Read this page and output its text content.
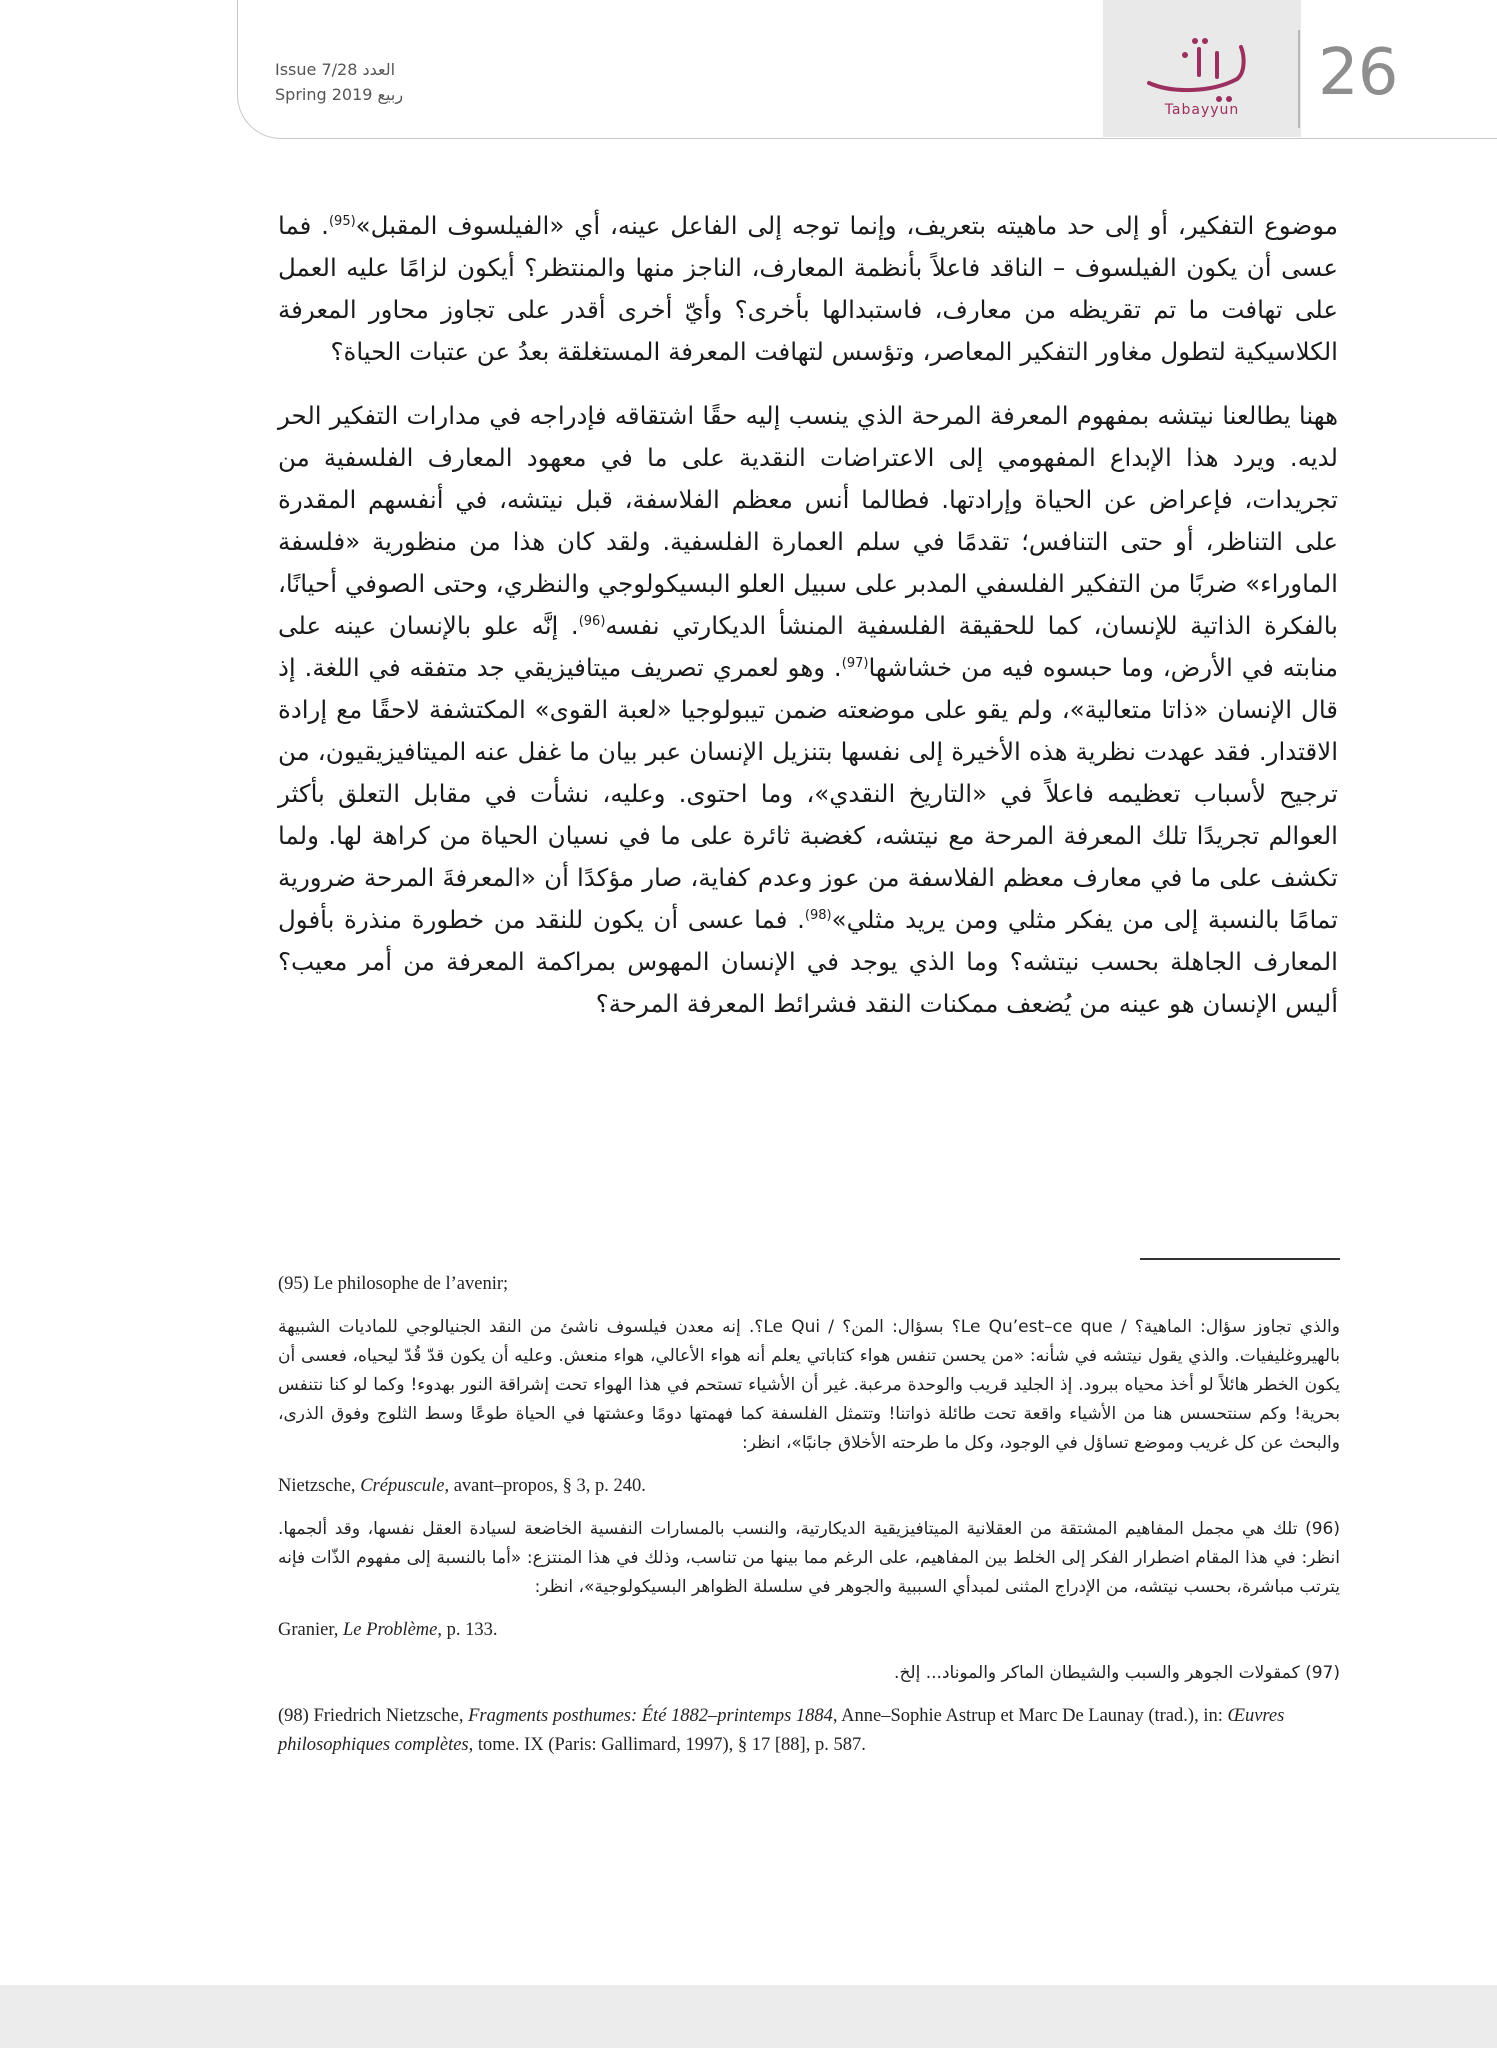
Issue 7/28 العدد
Spring 2019 ربيع
Tabayyun	26

موضوع التفكير، أو إلى حد ماهيته بتعريف، وإنما توجه إلى الفاعل عينه، أي «الفيلسوف المقبل»$^{(95)}$. فما عسى أن يكون الفيلسوف – الناقد فاعلاً بأنظمة المعارف، الناجز منها والمنتظر؟ أيكون لزامًا عليه العمل على تهافت ما تم تقريظه من معارف، فاستبدالها بأخرى؟ وأيّ أخرى أقدر على تجاوز محاور المعرفة الكلاسيكية لتطول مغاور التفكير المعاصر، وتؤسس لتهافت المعرفة المستغلقة بعدُ عن عتبات الحياة؟

ههنا يطالعنا نيتشه بمفهوم المعرفة المرحة الذي ينسب إليه حقًا اشتقاقه فإدراجه في مدارات التفكير الحر لديه. ويرد هذا الإبداع المفهومي إلى الاعتراضات النقدية على ما في معهود المعارف الفلسفية من تجريدات، فإعراض عن الحياة وإرادتها. فطالما أنس معظم الفلاسفة، قبل نيتشه، في أنفسهم المقدرة على التناظر، أو حتى التنافس؛ تقدمًا في سلم العمارة الفلسفية. ولقد كان هذا من منظورية «فلسفة الماوراء» ضربًا من التفكير الفلسفي المدبر على سبيل العلو البسيكولوجي والنظري، وحتى الصوفي أحيانًا، بالفكرة الذاتية للإنسان، كما للحقيقة الفلسفية المنشأ الديكارتي نفسه$^{(96)}$. إنَّه علو بالإنسان عينه على منابته في الأرض، وما حبسوه فيه من خشاشها$^{(97)}$. وهو لعمري تصريف ميتافيزيقي جد متفقه في اللغة. إذ قال الإنسان «ذاتا متعالية»، ولم يقو على موضعته ضمن تيبولوجيا «لعبة القوى» المكتشفة لاحقًا مع إرادة الاقتدار. فقد عهدت نظرية هذه الأخيرة إلى نفسها بتنزيل الإنسان عبر بيان ما غفل عنه الميتافيزيقيون، من ترجيح لأسباب تعظيمه فاعلاً في «التاريخ النقدي»، وما احتوى. وعليه، نشأت في مقابل التعلق بأكثر العوالم تجريدًا تلك المعرفة المرحة مع نيتشه، كغضبة ثائرة على ما في نسيان الحياة من كراهة لها. ولما تكشف على ما في معارف معظم الفلاسفة من عوز وعدم كفاية، صار مؤكدًا أن «المعرفةَ المرحة ضرورية تمامًا بالنسبة إلى من يفكر مثلي ومن يريد مثلي»$^{(98)}$. فما عسى أن يكون للنقد من خطورة منذرة بأفول المعارف الجاهلة بحسب نيتشه؟ وما الذي يوجد في الإنسان المهوس بمراكمة المعرفة من أمر معيب؟ أليس الإنسان هو عينه من يُضعف ممكنات النقد فشرائط المعرفة المرحة؟

(95) Le philosophe de l’avenir;

والذي تجاوز سؤال: الماهية؟ / Le Qu’est–ce que؟ بسؤال: المن؟ / Le Qui؟. إنه معدن فيلسوف ناشئ من النقد الجنيالوجي للماديات الشبيهة بالهيروغليفيات. والذي يقول نيتشه في شأنه: «من يحسن تنفس هواء كتاباتي يعلم أنه هواء الأعالي، هواء منعش. وعليه أن يكون قدّ قُدّ ليحياه، فعسى أن يكون الخطر هائلاً لو أخذ محياه ببرود. إذ الجليد قريب والوحدة مرعبة. غير أن الأشياء تستحم في هذا الهواء تحت إشراقة النور بهدوء! وكما لو كنا نتنفس بحرية! وكم سنتحسس هنا من الأشياء واقعة تحت طائلة ذواتنا! وتتمثل الفلسفة كما فهمتها دومًا وعشتها في الحياة طوعًا وسط الثلوج وفوق الذرى، والبحث عن كل غريب وموضع تساؤل في الوجود، وكل ما طرحته الأخلاق جانبًا»، انظر:

Nietzsche, Crépuscule, avant–propos, § 3, p. 240.

(96) تلك هي مجمل المفاهيم المشتقة من العقلانية الميتافيزيقية الديكارتية، والنسب بالمسارات النفسية الخاضعة لسيادة العقل نفسها، وقد ألجمها. انظر: في هذا المقام اضطرار الفكر إلى الخلط بين المفاهيم، على الرغم مما بينها من تناسب، وذلك في هذا المنتزع: «أما بالنسبة إلى مفهوم الذّات فإنه يترتب مباشرة، بحسب نيتشه، من الإدراج المثنى لمبدأي السببية والجوهر في سلسلة الظواهر البسيكولوجية»، انظر:

Granier, Le Problème, p. 133.

(97) كمقولات الجوهر والسبب والشيطان الماكر والموناد... إلخ.

(98) Friedrich Nietzsche, Fragments posthumes: Été 1882–printemps 1884, Anne–Sophie Astrup et Marc De Launay (trad.), in: Œuvres philosophiques complètes, tome. IX (Paris: Gallimard, 1997), § 17 [88], p. 587.
